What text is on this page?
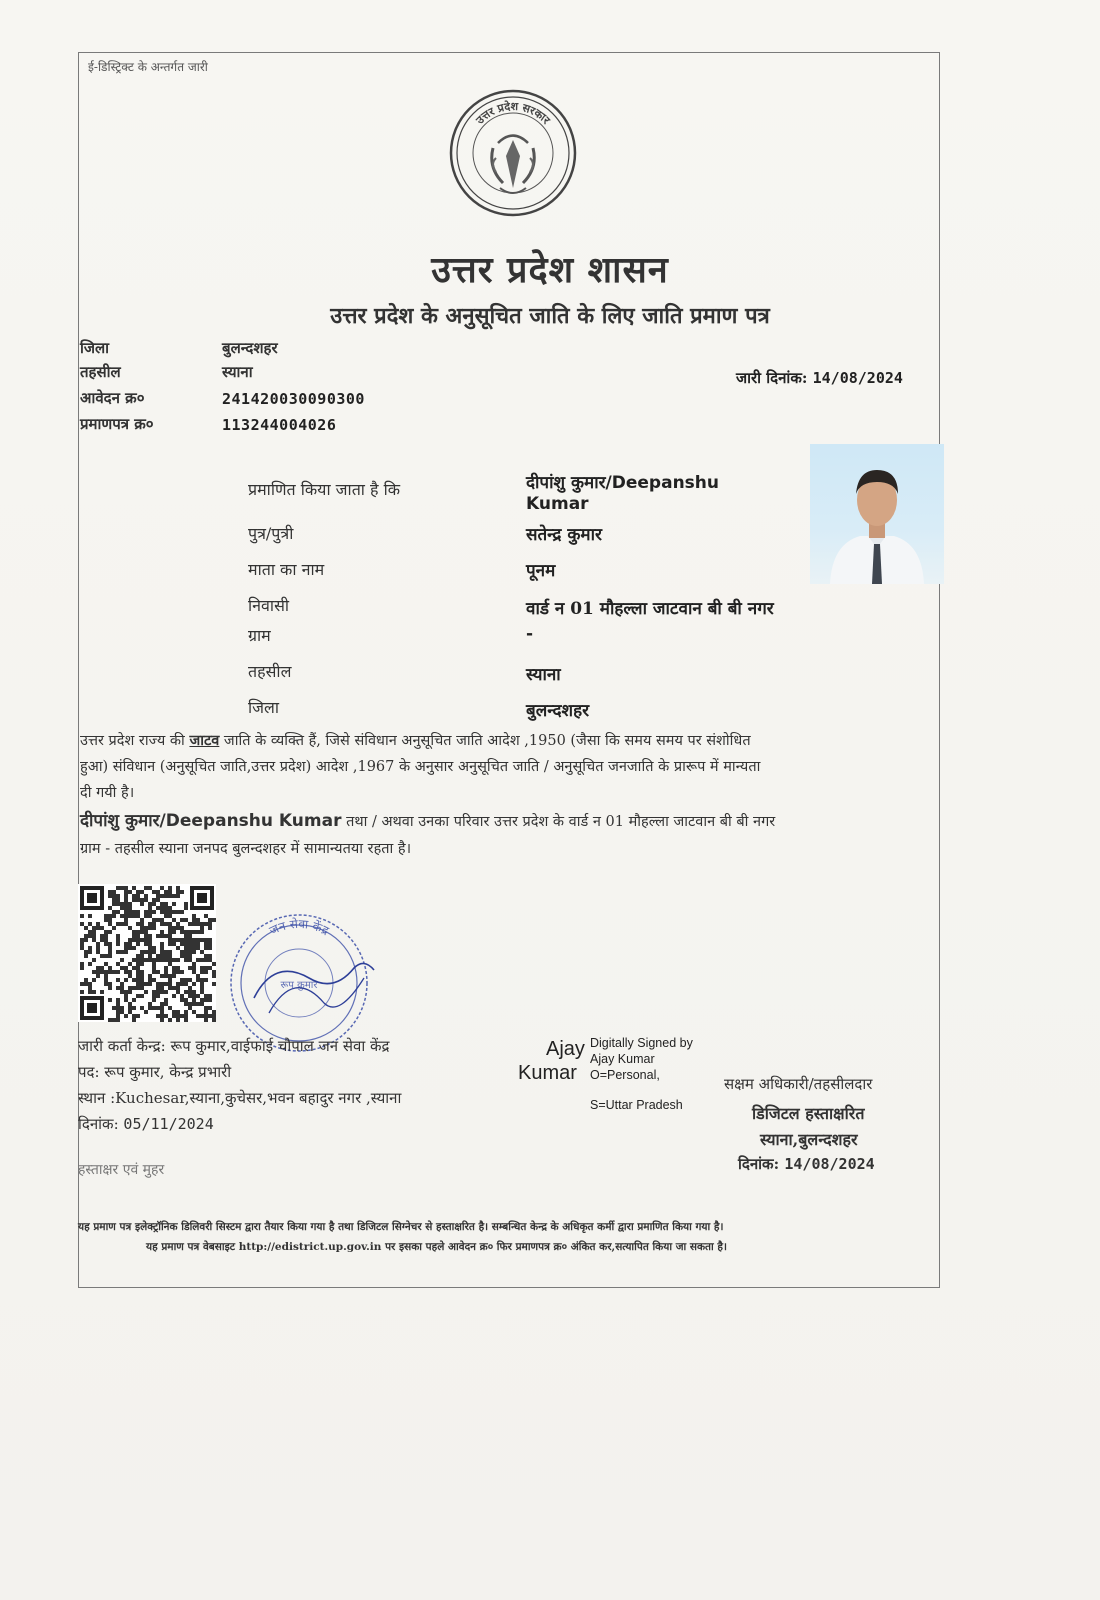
ई-डिस्ट्रिक्ट के अन्तर्गत जारी
उत्तर प्रदेश सरकार
उत्तर प्रदेश शासन
उत्तर प्रदेश के अनुसूचित जाति के लिए जाति प्रमाण पत्र
जिला	बुलन्दशहर
तहसील	स्याना
आवेदन क्र०	241420030090300
प्रमाणपत्र क्र०	113244004026
जारी दिनांक: 14/08/2024
प्रमाणित किया जाता है कि	दीपांशु कुमार/Deepanshu
Kumar
पुत्र/पुत्री	सतेन्द्र कुमार
माता का नाम	पूनम
निवासी	वार्ड न 01 मौहल्ला जाटवान बी बी नगर
ग्राम	-
तहसील	स्याना
जिला	बुलन्दशहर
उत्तर प्रदेश राज्य की जाटव जाति के व्यक्ति हैं, जिसे संविधान अनुसूचित जाति आदेश ,1950 (जैसा कि समय समय पर संशोधित
हुआ) संविधान (अनुसूचित जाति,उत्तर प्रदेश) आदेश ,1967 के अनुसार अनुसूचित जाति / अनुसूचित जनजाति के प्रारूप में मान्यता
दी गयी है।
दीपांशु कुमार/Deepanshu Kumar तथा / अथवा उनका परिवार उत्तर प्रदेश के वार्ड न 01 मौहल्ला जाटवान बी बी नगर
ग्राम - तहसील स्याना जनपद बुलन्दशहर में सामान्यतया रहता है।
जन सेवा केंद्र
रूप कुमार
जारी कर्ता केन्द्र: रूप कुमार,वाईफाई चौपाल जन सेवा केंद्र
पद: रूप कुमार, केन्द्र प्रभारी
स्थान :Kuchesar,स्याना,कुचेसर,भवन बहादुर नगर ,स्याना
दिनांक: 05/11/2024
हस्ताक्षर एवं मुहर
Ajay
Kumar
Digitally Signed by
Ajay Kumar
O=Personal,
S=Uttar Pradesh
सक्षम अधिकारी/तहसीलदार
डिजिटल हस्ताक्षरित
स्याना,बुलन्दशहर
दिनांक: 14/08/2024
यह प्रमाण पत्र इलेक्ट्रॉनिक डिलिवरी सिस्टम द्वारा तैयार किया गया है तथा डिजिटल सिग्नेचर से हस्ताक्षरित है। सम्बन्धित केन्द्र के अधिकृत कर्मी द्वारा प्रमाणित किया गया है।
यह प्रमाण पत्र वेबसाइट http://edistrict.up.gov.in पर इसका पहले आवेदन क्र० फिर प्रमाणपत्र क्र० अंकित कर,सत्यापित किया जा सकता है।
